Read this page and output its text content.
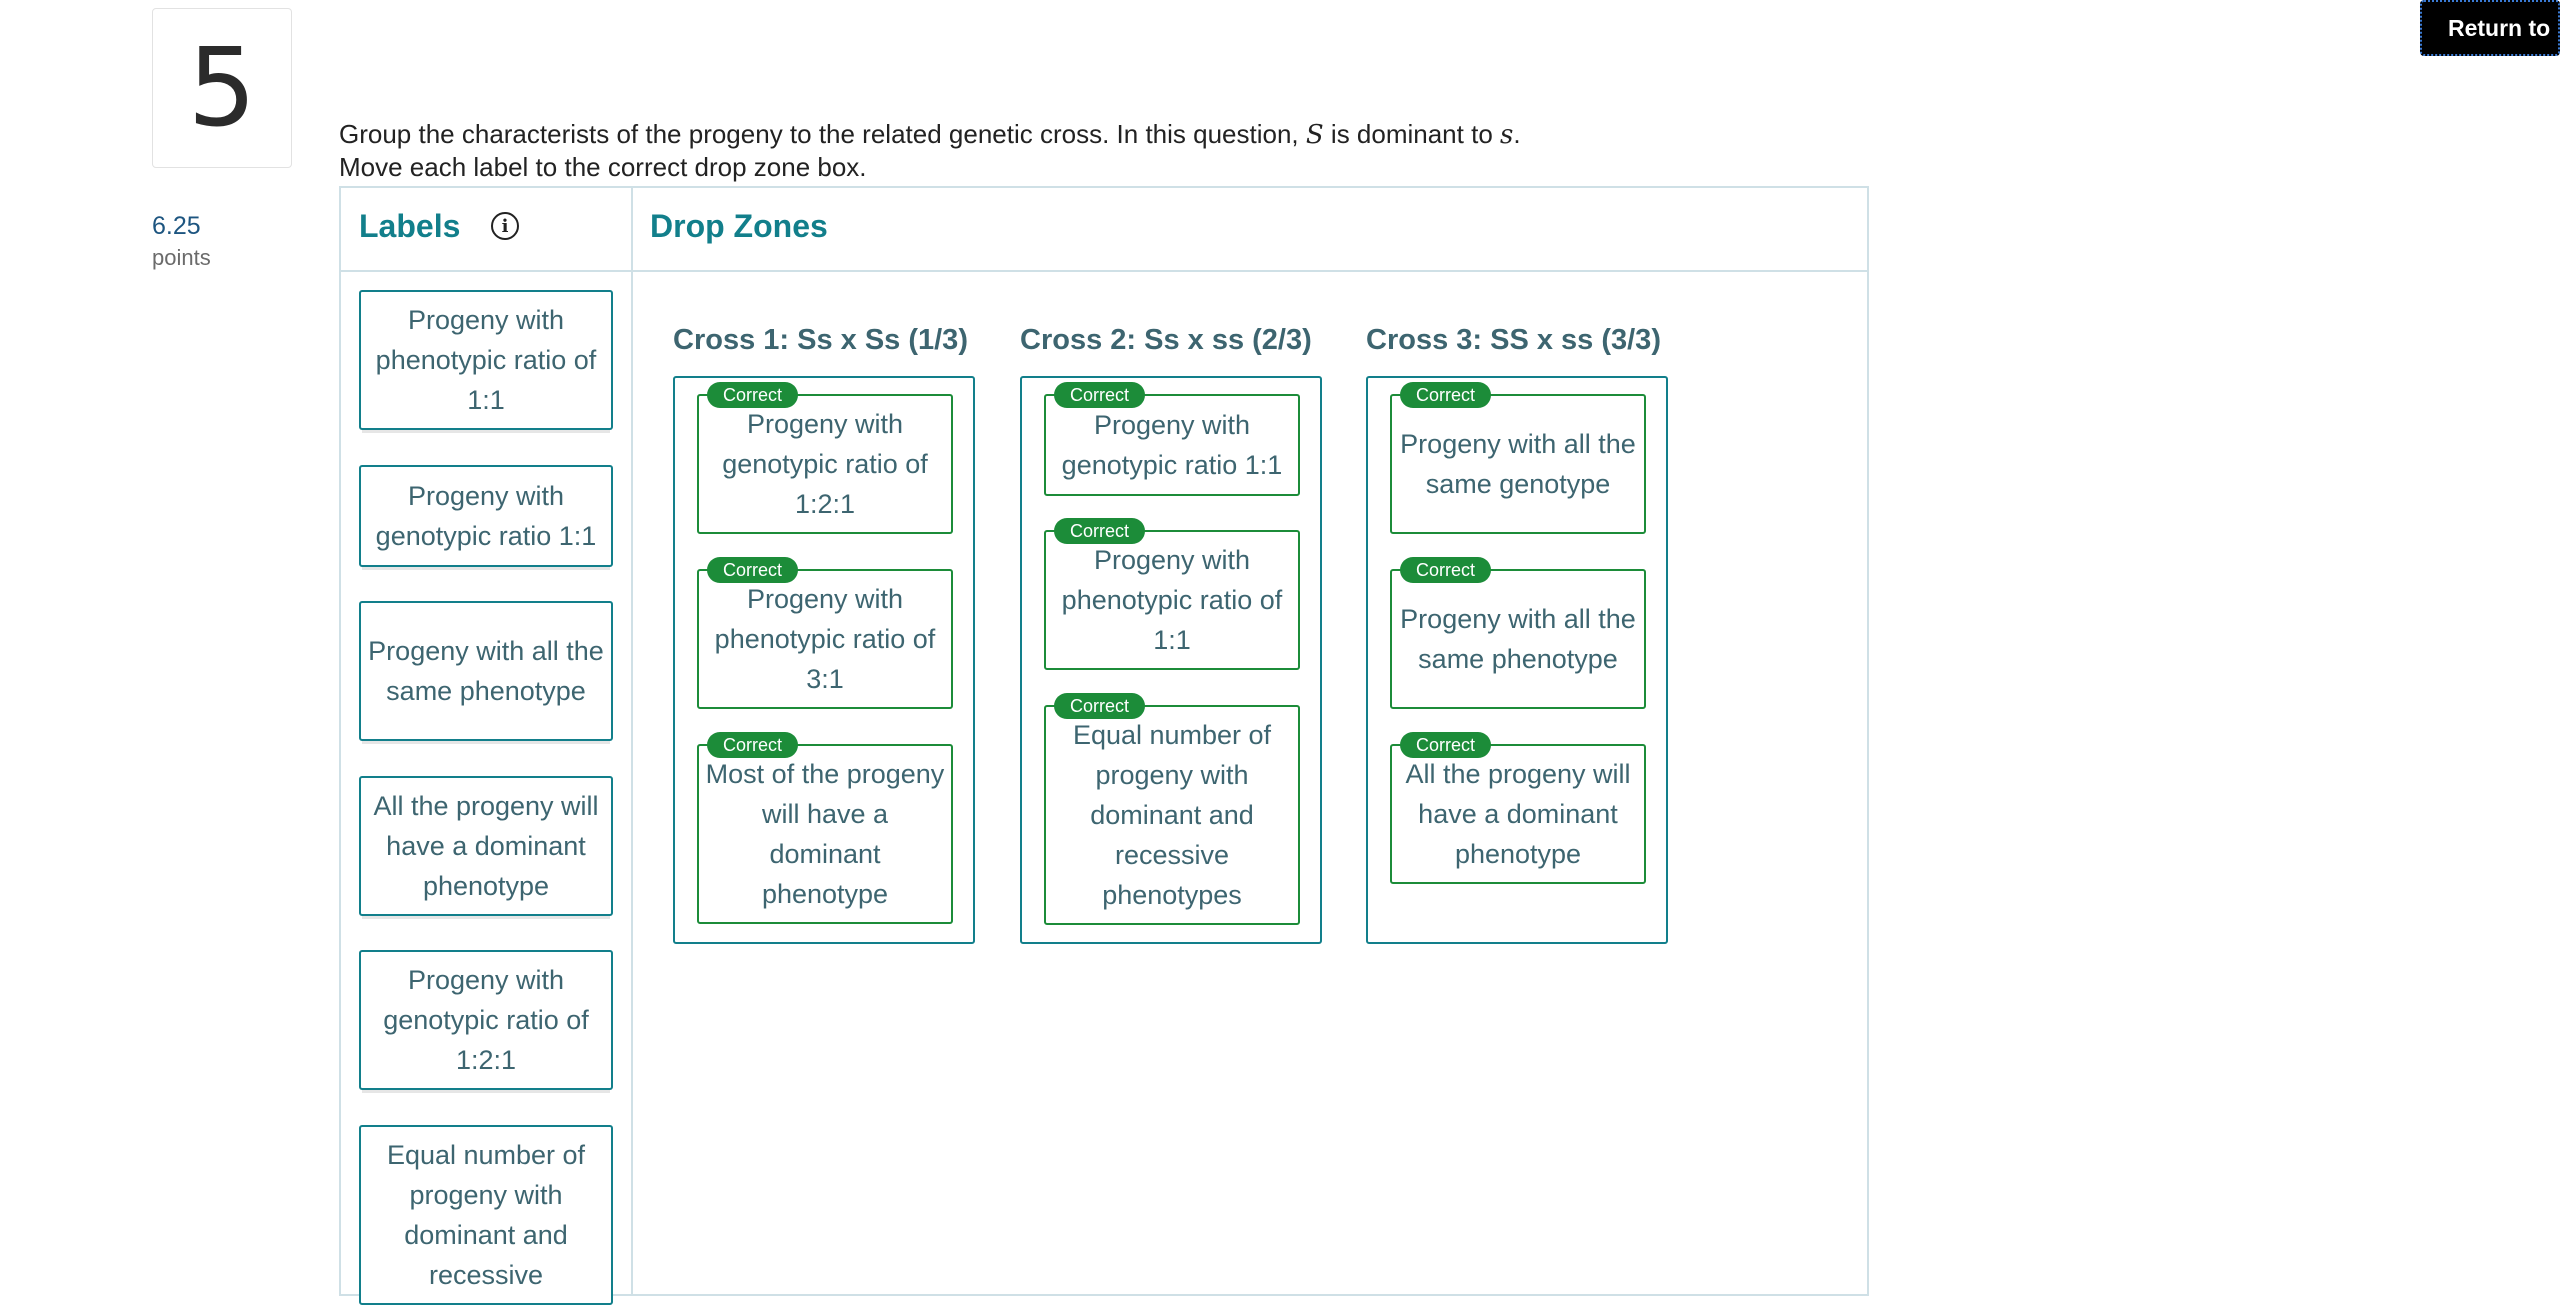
5
6.25
points
Group the characterists of the progeny to the related genetic cross. In this question, S is dominant to s.
Move each label to the correct drop zone box.
Return to
Labels	i	Drop Zones
Progeny with phenotypic ratio of 1:1
Progeny with genotypic ratio 1:1
Progeny with all the same phenotype
All the progeny will have a dominant phenotype
Progeny with genotypic ratio of 1:2:1
Equal number of progeny with dominant and recessive
Cross 1: Ss x Ss (1/3)
Correct
Progeny with genotypic ratio of 1:2:1
Correct
Progeny with phenotypic ratio of 3:1
Correct
Most of the progeny will have a dominant phenotype
Cross 2: Ss x ss (2/3)
Correct
Progeny with genotypic ratio 1:1
Correct
Progeny with phenotypic ratio of 1:1
Correct
Equal number of progeny with dominant and recessive phenotypes
Cross 3: SS x ss (3/3)
Correct
Progeny with all the same genotype
Correct
Progeny with all the same phenotype
Correct
All the progeny will have a dominant phenotype
